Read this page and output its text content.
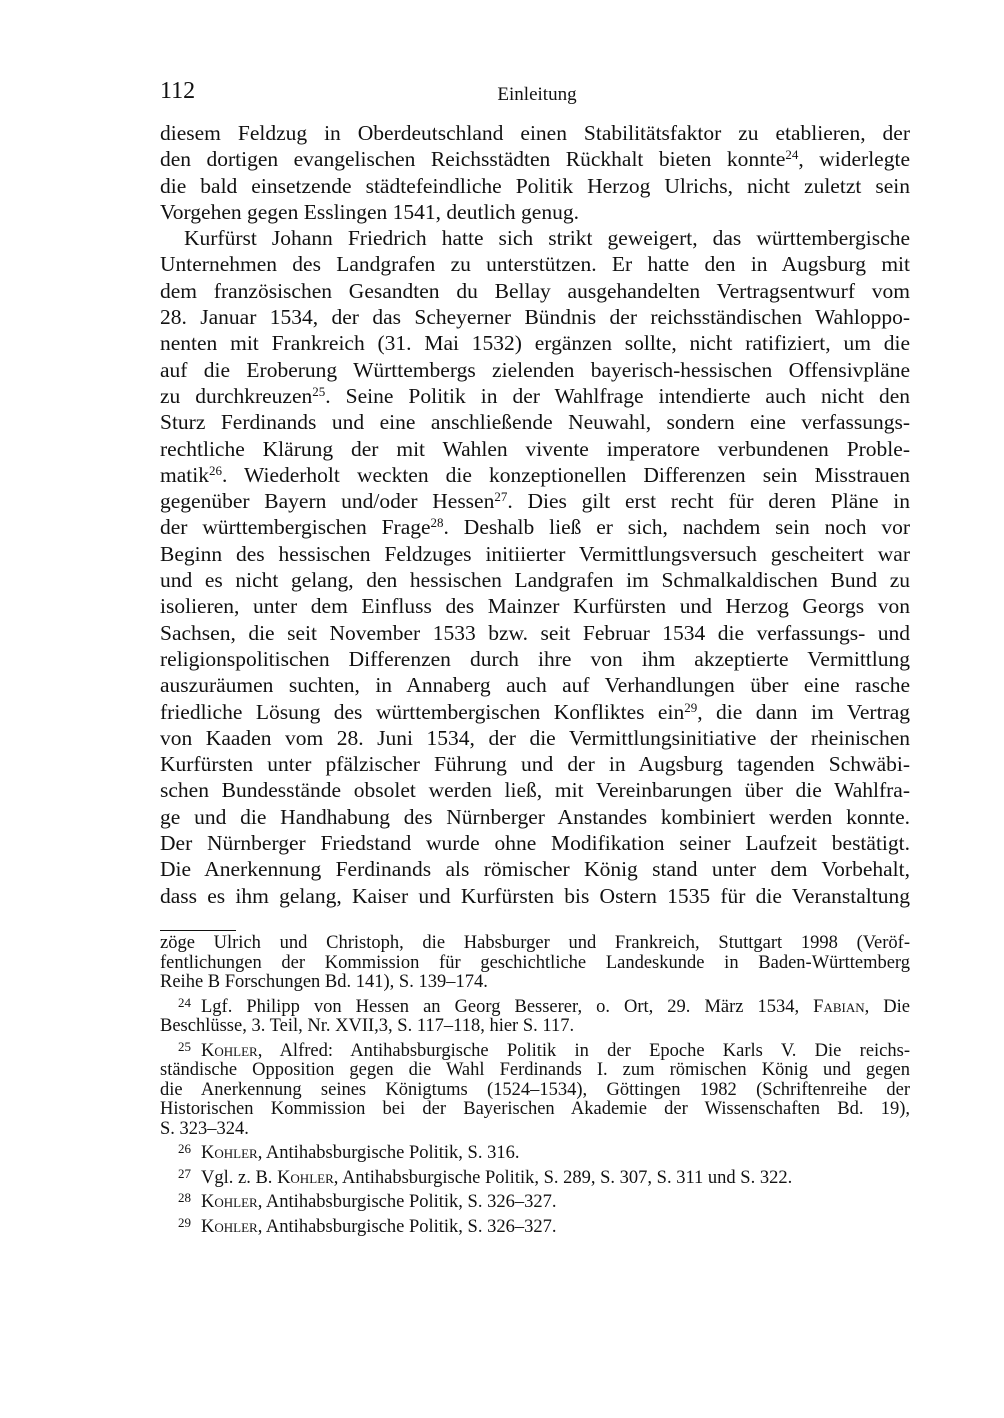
112	Einleitung
diesem Feldzug in Oberdeutschland einen Stabilitätsfaktor zu etablieren, der
den dortigen evangelischen Reichsstädten Rückhalt bieten konnte$^{24}$, widerlegte
die bald einsetzende städtefeindliche Politik Herzog Ulrichs, nicht zuletzt sein
Vorgehen gegen Esslingen 1541, deutlich genug.
Kurfürst Johann Friedrich hatte sich strikt geweigert, das württembergische
Unternehmen des Landgrafen zu unterstützen. Er hatte den in Augsburg mit
dem französischen Gesandten du Bellay ausgehandelten Vertragsentwurf vom
28. Januar 1534, der das Scheyerner Bündnis der reichsständischen Wahloppo-
nenten mit Frankreich (31. Mai 1532) ergänzen sollte, nicht ratifiziert, um die
auf die Eroberung Württembergs zielenden bayerisch-hessischen Offensivpläne
zu durchkreuzen$^{25}$. Seine Politik in der Wahlfrage intendierte auch nicht den
Sturz Ferdinands und eine anschließende Neuwahl, sondern eine verfassungs-
rechtliche Klärung der mit Wahlen vivente imperatore verbundenen Proble-
matik$^{26}$. Wiederholt weckten die konzeptionellen Differenzen sein Misstrauen
gegenüber Bayern und/oder Hessen$^{27}$. Dies gilt erst recht für deren Pläne in
der württembergischen Frage$^{28}$. Deshalb ließ er sich, nachdem sein noch vor
Beginn des hessischen Feldzuges initiierter Vermittlungsversuch gescheitert war
und es nicht gelang, den hessischen Landgrafen im Schmalkaldischen Bund zu
isolieren, unter dem Einfluss des Mainzer Kurfürsten und Herzog Georgs von
Sachsen, die seit November 1533 bzw. seit Februar 1534 die verfassungs- und
religionspolitischen Differenzen durch ihre von ihm akzeptierte Vermittlung
auszuräumen suchten, in Annaberg auch auf Verhandlungen über eine rasche
friedliche Lösung des württembergischen Konfliktes ein$^{29}$, die dann im Vertrag
von Kaaden vom 28. Juni 1534, der die Vermittlungsinitiative der rheinischen
Kurfürsten unter pfälzischer Führung und der in Augsburg tagenden Schwäbi-
schen Bundesstände obsolet werden ließ, mit Vereinbarungen über die Wahlfra-
ge und die Handhabung des Nürnberger Anstandes kombiniert werden konnte.
Der Nürnberger Friedstand wurde ohne Modifikation seiner Laufzeit bestätigt.
Die Anerkennung Ferdinands als römischer König stand unter dem Vorbehalt,
dass es ihm gelang, Kaiser und Kurfürsten bis Ostern 1535 für die Veranstaltung
zöge Ulrich und Christoph, die Habsburger und Frankreich, Stuttgart 1998 (Veröf-
fentlichungen der Kommission für geschichtliche Landeskunde in Baden-Württemberg
Reihe B Forschungen Bd. 141), S. 139–174.
24 Lgf. Philipp von Hessen an Georg Besserer, o. Ort, 29. März 1534, Fabian, Die
Beschlüsse, 3. Teil, Nr. XVII,3, S. 117–118, hier S. 117.
25 Kohler, Alfred: Antihabsburgische Politik in der Epoche Karls V. Die reichs-
ständische Opposition gegen die Wahl Ferdinands I. zum römischen König und gegen
die Anerkennung seines Königtums (1524–1534), Göttingen 1982 (Schriftenreihe der
Historischen Kommission bei der Bayerischen Akademie der Wissenschaften Bd. 19),
S. 323–324.
26 Kohler, Antihabsburgische Politik, S. 316.
27 Vgl. z. B. Kohler, Antihabsburgische Politik, S. 289, S. 307, S. 311 und S. 322.
28 Kohler, Antihabsburgische Politik, S. 326–327.
29 Kohler, Antihabsburgische Politik, S. 326–327.
